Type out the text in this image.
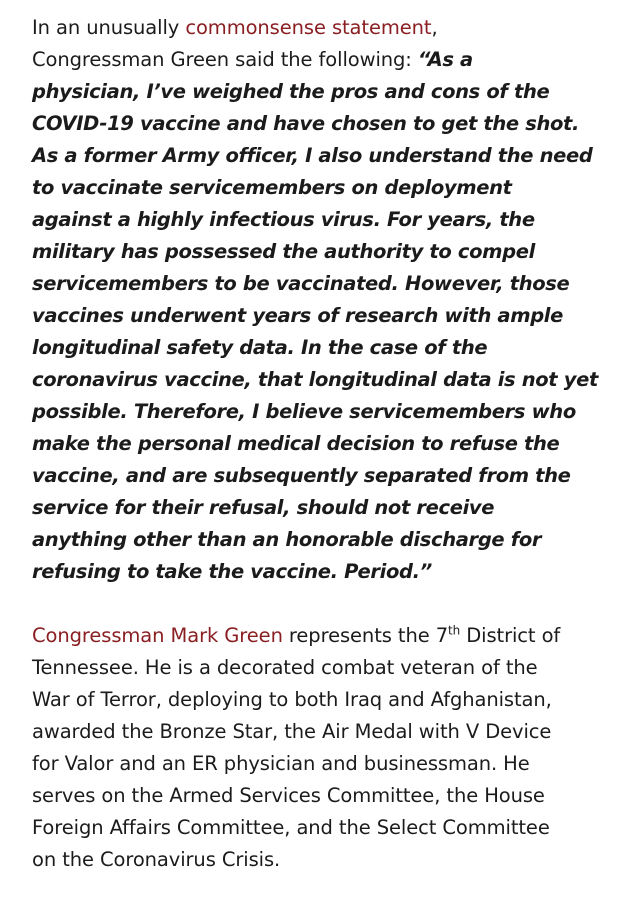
In an unusually commonsense statement,
Congressman Green said the following: “As a
physician, I’ve weighed the pros and cons of the
COVID-19 vaccine and have chosen to get the shot.
As a former Army officer, I also understand the need
to vaccinate servicemembers on deployment
against a highly infectious virus. For years, the
military has possessed the authority to compel
servicemembers to be vaccinated. However, those
vaccines underwent years of research with ample
longitudinal safety data. In the case of the
coronavirus vaccine, that longitudinal data is not yet
possible. Therefore, I believe servicemembers who
make the personal medical decision to refuse the
vaccine, and are subsequently separated from the
service for their refusal, should not receive
anything other than an honorable discharge for
refusing to take the vaccine. Period.”

Congressman Mark Green represents the 7th District of
Tennessee. He is a decorated combat veteran of the
War of Terror, deploying to both Iraq and Afghanistan,
awarded the Bronze Star, the Air Medal with V Device
for Valor and an ER physician and businessman. He
serves on the Armed Services Committee, the House
Foreign Affairs Committee, and the Select Committee
on the Coronavirus Crisis.
